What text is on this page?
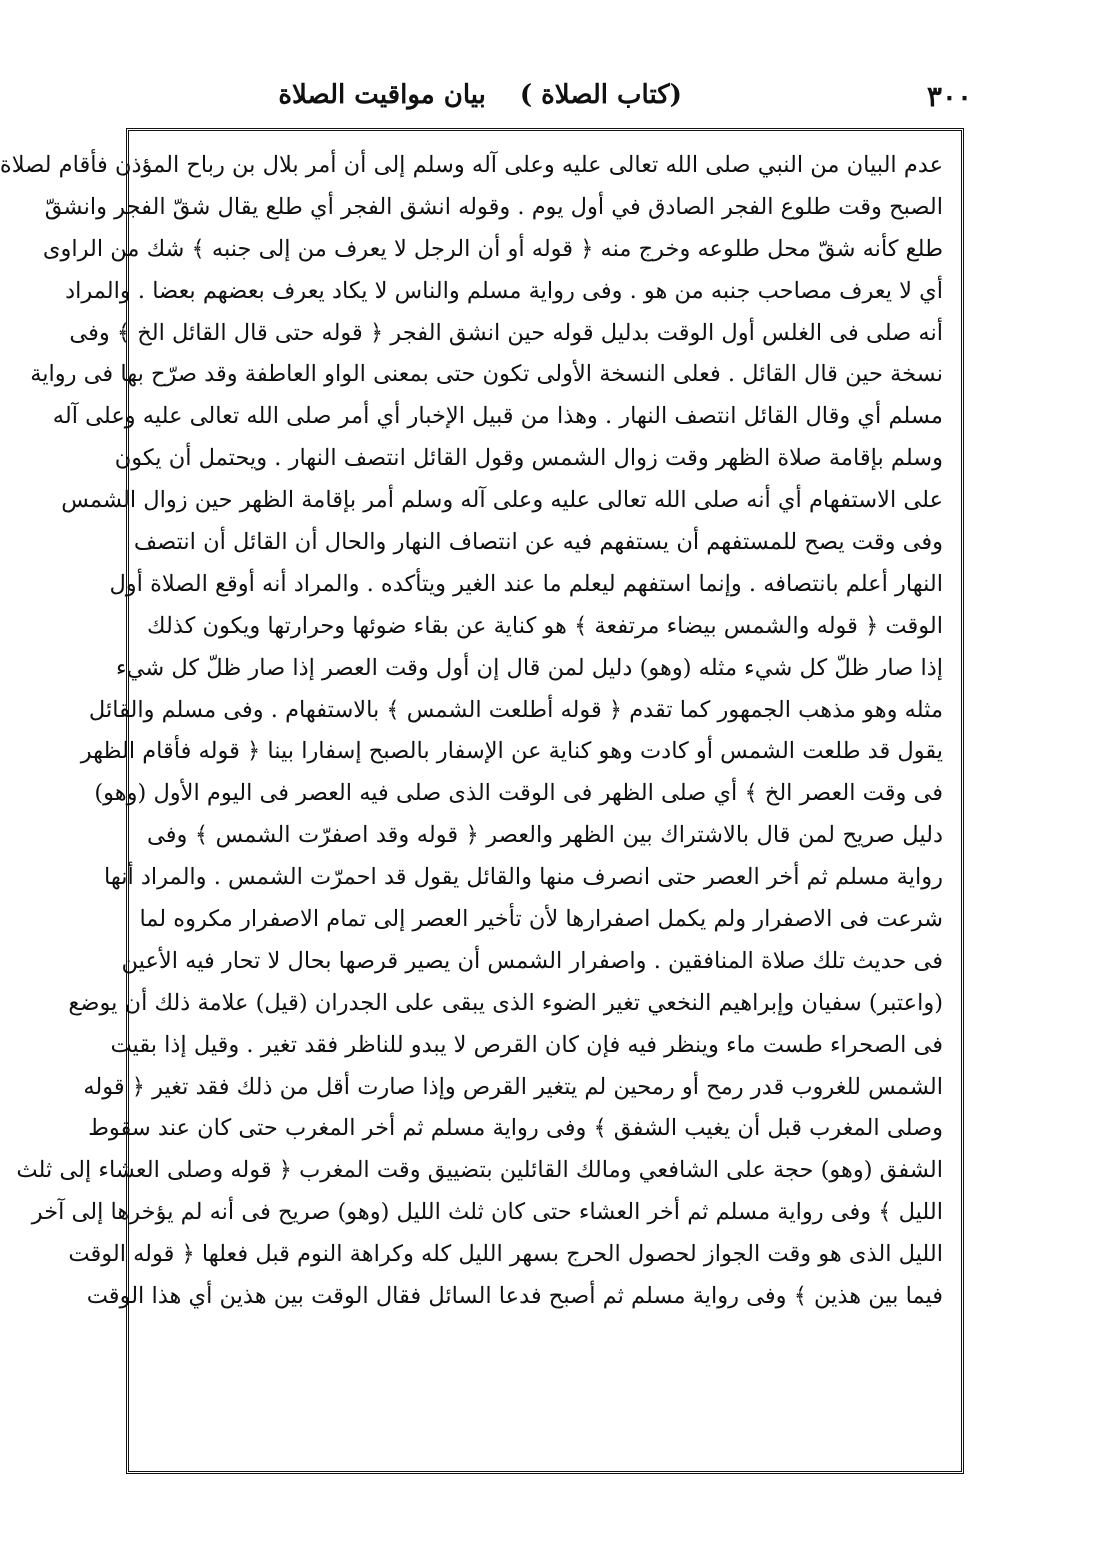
٣٠٠
(كتاب الصلاة )بيان مواقيت الصلاة
عدم البيان من النبي صلى الله تعالى عليه وعلى آله وسلم إلى أن أمر بلال بن رباح المؤذن فأقام لصلاة
الصبح وقت طلوع الفجر الصادق في أول يوم . وقوله انشق الفجر أي طلع يقال شقّ الفجر وانشقّ
طلع كأنه شقّ محل طلوعه وخرج منه ﴿ قوله أو أن الرجل لا يعرف من إلى جنبه ﴾ شك من الراوى
أي لا يعرف مصاحب جنبه من هو . وفى رواية مسلم والناس لا يكاد يعرف بعضهم بعضا . والمراد
أنه صلى فى الغلس أول الوقت بدليل قوله حين انشق الفجر ﴿ قوله حتى قال القائل الخ ﴾ وفى
نسخة حين قال القائل . فعلى النسخة الأولى تكون حتى بمعنى الواو العاطفة وقد صرّح بها فى رواية
مسلم أي وقال القائل انتصف النهار . وهذا من قبيل الإخبار أي أمر صلى الله تعالى عليه وعلى آله
وسلم بإقامة صلاة الظهر وقت زوال الشمس وقول القائل انتصف النهار . ويحتمل أن يكون
على الاستفهام أي أنه صلى الله تعالى عليه وعلى آله وسلم أمر بإقامة الظهر حين زوال الشمس
وفى وقت يصح للمستفهم أن يستفهم فيه عن انتصاف النهار والحال أن القائل أن انتصف
النهار أعلم بانتصافه . وإنما استفهم ليعلم ما عند الغير ويتأكده . والمراد أنه أوقع الصلاة أول
الوقت ﴿ قوله والشمس بيضاء مرتفعة ﴾ هو كناية عن بقاء ضوئها وحرارتها ويكون كذلك
إذا صار ظلّ كل شيء مثله (وهو) دليل لمن قال إن أول وقت العصر إذا صار ظلّ كل شيء
مثله وهو مذهب الجمهور كما تقدم ﴿ قوله أطلعت الشمس ﴾ بالاستفهام . وفى مسلم والقائل
يقول قد طلعت الشمس أو كادت وهو كناية عن الإسفار بالصبح إسفارا بينا ﴿ قوله فأقام الظهر
فى وقت العصر الخ ﴾ أي صلى الظهر فى الوقت الذى صلى فيه العصر فى اليوم الأول (وهو)
دليل صريح لمن قال بالاشتراك بين الظهر والعصر ﴿ قوله وقد اصفرّت الشمس ﴾ وفى
رواية مسلم ثم أخر العصر حتى انصرف منها والقائل يقول قد احمرّت الشمس . والمراد أنها
شرعت فى الاصفرار ولم يكمل اصفرارها لأن تأخير العصر إلى تمام الاصفرار مكروه لما
فى حديث تلك صلاة المنافقين . واصفرار الشمس أن يصير قرصها بحال لا تحار فيه الأعين
(واعتبر) سفيان وإبراهيم النخعي تغير الضوء الذى يبقى على الجدران (قيل) علامة ذلك أن يوضع
فى الصحراء طست ماء وينظر فيه فإن كان القرص لا يبدو للناظر فقد تغير . وقيل إذا بقيت
الشمس للغروب قدر رمح أو رمحين لم يتغير القرص وإذا صارت أقل من ذلك فقد تغير ﴿ قوله
وصلى المغرب قبل أن يغيب الشفق ﴾ وفى رواية مسلم ثم أخر المغرب حتى كان عند سقوط
الشفق (وهو) حجة على الشافعي ومالك القائلين بتضييق وقت المغرب ﴿ قوله وصلى العشاء إلى ثلث
الليل ﴾ وفى رواية مسلم ثم أخر العشاء حتى كان ثلث الليل (وهو) صريح فى أنه لم يؤخرها إلى آخر
الليل الذى هو وقت الجواز لحصول الحرج بسهر الليل كله وكراهة النوم قبل فعلها ﴿ قوله الوقت
فيما بين هذين ﴾ وفى رواية مسلم ثم أصبح فدعا السائل فقال الوقت بين هذين أي هذا الوقت
